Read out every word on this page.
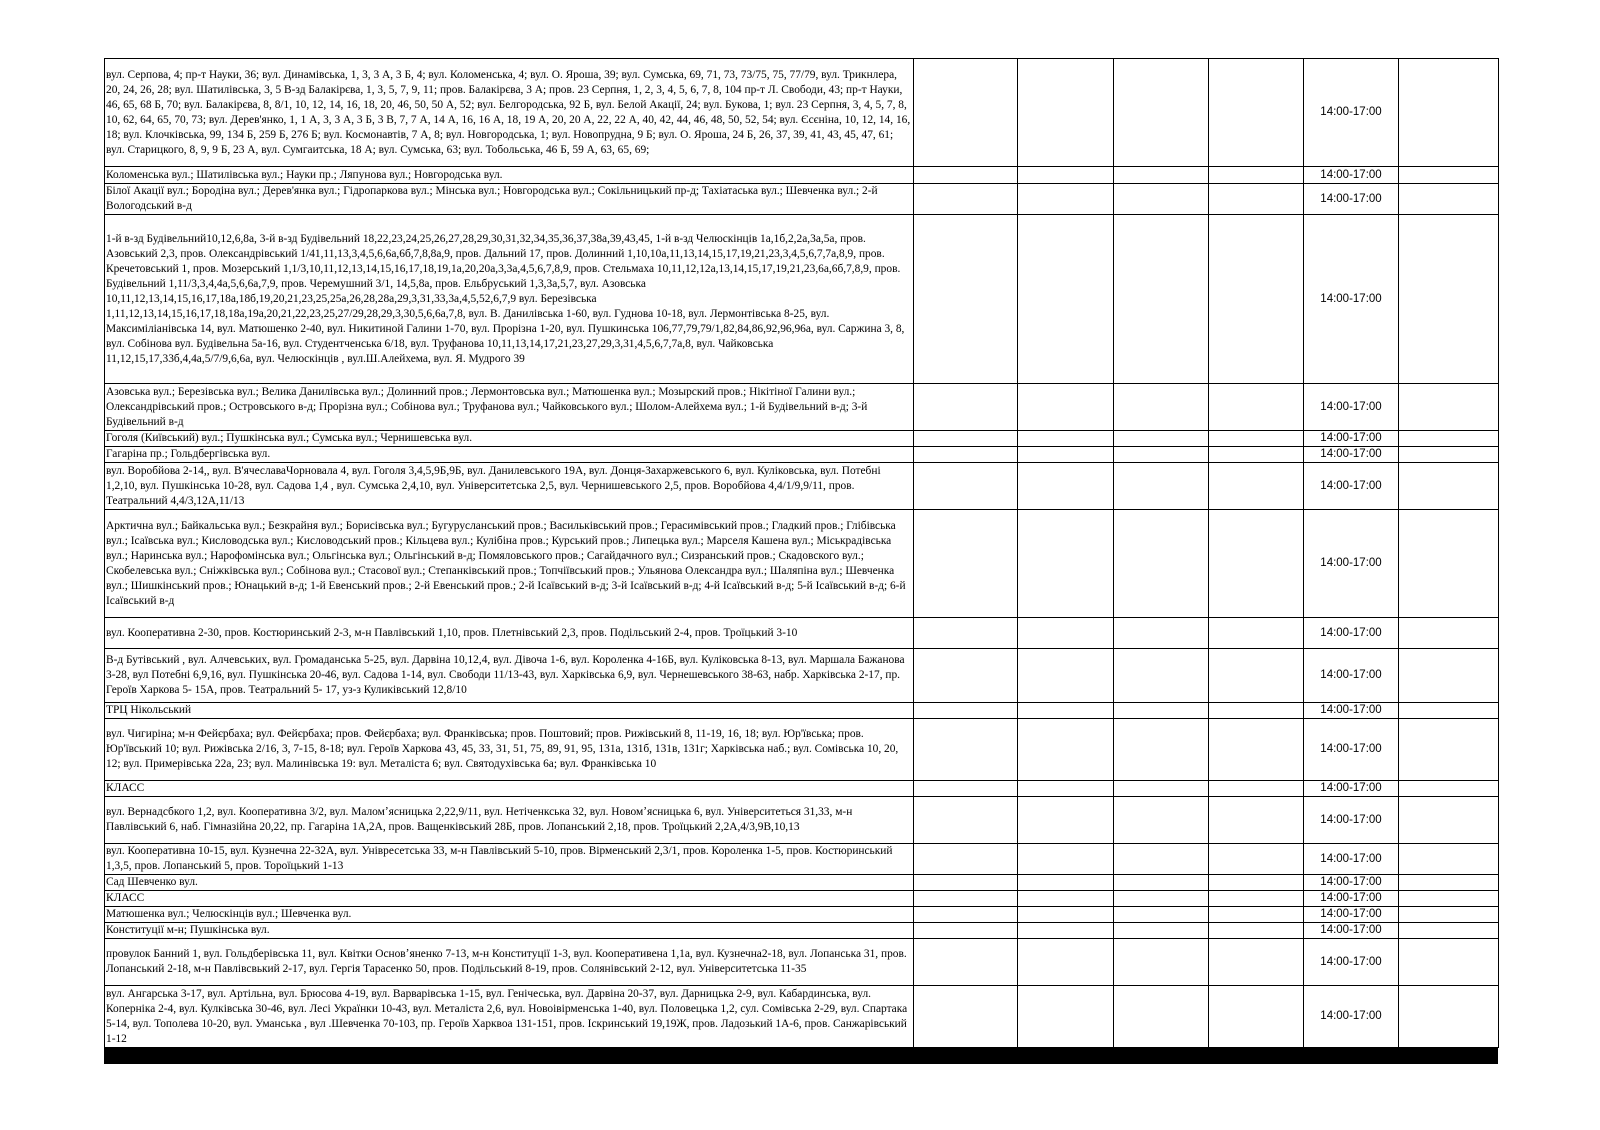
вул. Серпова, 4; пр-т Науки, 36; вул. Динамівська, 1, 3, 3 А, 3 Б, 4; вул. Коломенська, 4; вул. О. Яроша, 39; вул. Сумська, 69, 71, 73, 73/75, 75, 77/79, вул. Трикнлера, 20, 24, 26, 28; вул. Шатилівська, 3, 5 В-зд Балакірєва, 1, 3, 5, 7, 9, 11; пров. Балакірєва, 3 А; пров. 23 Серпня, 1, 2, 3, 4, 5, 6, 7, 8, 104 пр-т Л. Свободи, 43; пр-т Науки, 46, 65, 68 Б, 70; вул. Балакірєва, 8, 8/1, 10, 12, 14, 16, 18, 20, 46, 50, 50 А, 52; вул. Белгородська, 92 Б, вул. Белой Акації, 24; вул. Букова, 1; вул. 23 Серпня, 3, 4, 5, 7, 8, 10, 62, 64, 65, 70, 73; вул. Дерев'янко, 1, 1 А, 3, 3 А, 3 Б, 3 В, 7, 7 А, 14 А, 16, 16 А, 18, 19 А, 20, 20 А, 22, 22 А, 40, 42, 44, 46, 48, 50, 52, 54; вул. Єсєніна, 10, 12, 14, 16, 18; вул. Клочківська, 99, 134 Б, 259 Б, 276 Б; вул. Космонавтів, 7 А, 8; вул. Новгородська, 1; вул. Новопрудна, 9 Б; вул. О. Яроша, 24 Б, 26, 37, 39, 41, 43, 45, 47, 61; вул. Старицкого, 8, 9, 9 Б, 23 А, вул. Сумгаитська, 18 А; вул. Сумська, 63; вул. Тобольська, 46 Б, 59 А, 63, 65, 69;					14:00-17:00	
Коломенська вул.; Шатилівська вул.; Науки пр.; Ляпунова вул.; Новгородська вул.					14:00-17:00	
Білої Акації вул.; Бородіна вул.; Дерев'янка вул.; Гідропаркова вул.; Мінська вул.; Новгородська вул.; Сокільницький пр-д; Тахіатаська вул.; Шевченка вул.; 2-й Вологодський в-д					14:00-17:00	
1-й в-зд Будівельний10,12,6,8а, 3-й в-зд Будівельний 18,22,23,24,25,26,27,28,29,30,31,32,34,35,36,37,38а,39,43,45, 1-й в-зд Челюскінців 1а,1б,2,2а,3а,5а, пров. Азовський 2,3, пров. Олександрівський 1/41,11,13,3,4,5,6,6а,6б,7,8,8а,9, пров. Дальний 17, пров. Долинний 1,10,10а,11,13,14,15,17,19,21,23,3,4,5,6,7,7а,8,9, пров. Кречетовський 1, пров. Мозерський 1,1/3,10,11,12,13,14,15,16,17,18,19,1а,20,20а,3,3а,4,5,6,7,8,9, пров. Стельмаха 10,11,12,12а,13,14,15,17,19,21,23,6а,6б,7,8,9, пров. Будівельний 1,11/3,3,4,4а,5,6,6а,7,9, пров. Черемушний 3/1, 14,5,8а, пров. Ельбруський 1,3,3а,5,7, вул. Азовська 10,11,12,13,14,15,16,17,18а,18б,19,20,21,23,25,25а,26,28,28а,29,3,31,33,3а,4,5,52,6,7,9 вул. Березівська 1,11,12,13,14,15,16,17,18,18а,19а,20,21,22,23,25,27/29,28,29,3,30,5,6,6а,7,8, вул. В. Данилівська 1-60, вул. Гуднова 10-18, вул. Лермонтівська 8-25, вул. Максиміліанівська 14, вул. Матюшенко 2-40, вул. Никитиной Галини 1-70, вул. Прорізна 1-20, вул. Пушкинська 106,77,79,79/1,82,84,86,92,96,96а, вул. Саржина 3, 8, вул. Собінова вул. Будівельна 5а-16, вул. Студентченська 6/18, вул. Труфанова 10,11,13,14,17,21,23,27,29,3,31,4,5,6,7,7а,8, вул. Чайковська 11,12,15,17,33б,4,4а,5/7/9,6,6а, вул. Челюскінців , вул.Ш.Алейхема, вул. Я. Мудрого 39					14:00-17:00	
Азовська вул.; Березівська вул.; Велика Данилівська вул.; Долинний пров.; Лермонтовська вул.; Матюшенка вул.; Мозырский пров.; Нікітіної Галини вул.; Олександрівський пров.; Островського в-д; Прорізна вул.; Собінова вул.; Труфанова вул.; Чайковського вул.; Шолом-Алейхема вул.; 1-й Будівельний в-д; 3-й Будівельний в-д					14:00-17:00	
Гоголя (Київський) вул.; Пушкінська вул.; Сумська вул.; Чернишевська вул.					14:00-17:00	
Гагаріна пр.; Гольдбергівська вул.					14:00-17:00	
вул. Воробйова 2-14,, вул. В'ячеславаЧорновала 4, вул. Гоголя 3,4,5,9Б,9Б, вул. Данилевського 19А, вул. Донця-Захаржевського 6, вул. Куліковська, вул. Потебні 1,2,10, вул. Пушкінська 10-28, вул. Садова 1,4 , вул. Сумська 2,4,10, вул. Університетська 2,5, вул. Чернишевського 2,5, пров. Воробйова 4,4/1/9,9/11, пров. Театральний 4,4/3,12А,11/13					14:00-17:00	
Арктична вул.; Байкальська вул.; Безкрайня вул.; Борисівська вул.; Бугурусланський пров.; Васильківський пров.; Герасимівський пров.; Гладкий пров.; Глібівська вул.; Ісаївська вул.; Кисловодська вул.; Кисловодський пров.; Кільцева вул.; Кулібіна пров.; Курський пров.; Липецька вул.; Марселя Кашена вул.; Міськрадівська вул.; Наринська вул.; Нарофомінська вул.; Ольгінська вул.; Ольгінський в-д; Помяловського пров.; Сагайдачного вул.; Сизранський пров.; Скадовского вул.; Скобелевська вул.; Сніжківська вул.; Собінова вул.; Стасової вул.; Степанківський пров.; Топчіївський пров.; Ульянова Олександра вул.; Шаляпіна вул.; Шевченка вул.; Шишкінський пров.; Юнацький в-д; 1-й Евенський пров.; 2-й Евенський пров.; 2-й Ісаївський в-д; 3-й Ісаївський в-д; 4-й Ісаївський в-д; 5-й Ісаївський в-д; 6-й Ісаївський в-д					14:00-17:00	
вул. Кооперативна 2-30, пров. Костюринський 2-3, м-н Павлівський 1,10, пров. Плетнівський 2,3, пров. Подільський 2-4, пров. Троїцький 3-10					14:00-17:00	
В-д Бутівський , вул. Алчевських, вул. Громаданська 5-25, вул. Дарвіна 10,12,4, вул. Дівоча 1-6, вул. Короленка 4-16Б, вул. Куліковська 8-13, вул. Маршала Бажанова 3-28, вул Потебні 6,9,16, вул. Пушкінська 20-46, вул. Садова 1-14, вул. Свободи 11/13-43, вул. Харківська 6,9, вул. Чернешевського 38-63, набр. Харківська 2-17, пр. Героїв Харкова 5- 15А, пров. Театральний 5- 17, уз-з Куликівський 12,8/10					14:00-17:00	
ТРЦ Нікольський					14:00-17:00	
вул. Чигиріна; м-н Фейєрбаха; вул. Фейєрбаха; пров. Фейєрбаха; вул. Франківська; пров. Поштовий; пров. Рижівський 8, 11-19, 16, 18; вул. Юр'ївська; пров. Юр'ївський 10; вул. Рижівська 2/16, 3, 7-15, 8-18; вул. Героїв Харкова 43, 45, 33, 31, 51, 75, 89, 91, 95, 131а, 131б, 131в, 131г; Харківська наб.; вул. Сомівська 10, 20, 12; вул. Примерівська 22а, 23; вул. Малинівська 19: вул. Металіста 6; вул. Святодухівська 6а; вул. Франківська 10					14:00-17:00	
КЛАСС					14:00-17:00	
вул. Вернадсбкого 1,2, вул. Кооперативна 3/2, вул. Маломʼясницька 2,22,9/11, вул. Нетіченкська 32, вул. Новомʼясницька 6, вул. Університеться 31,33, м-н Павлівський 6, наб. Гімназійна 20,22, пр. Гагаріна 1А,2А, пров. Ващенківський 28Б, пров. Лопанський 2,18, пров. Троїцький 2,2А,4/3,9В,10,13					14:00-17:00	
вул. Кооперативна 10-15, вул. Кузнечна 22-32А, вул. Унівресетська 33, м-н Павлівський 5-10, пров. Вірменський 2,3/1, пров. Короленка 1-5, пров. Костюринський 1,3,5, пров. Лопанський 5, пров. Тороїцький 1-13					14:00-17:00	
Сад Шевченко вул.					14:00-17:00	
КЛАСС					14:00-17:00	
Матюшенка вул.; Челюскінців вул.; Шевченка вул.					14:00-17:00	
Конституції м-н; Пушкінська вул.					14:00-17:00	
провулок Банний 1, вул. Гольдберівська 11, вул. Квітки Основʼяненко 7-13, м-н Конституції 1-3, вул. Кооперативена 1,1а, вул. Кузнечна2-18, вул. Лопанська 31, пров. Лопанський 2-18, м-н Павлівсвький 2-17, вул. Гергія Тарасенко 50, пров. Подільський 8-19, пров. Солянівський 2-12, вул. Університетська 11-35					14:00-17:00	
вул. Ангарська 3-17, вул. Артільна, вул. Брюсова 4-19, вул. Варварівська 1-15, вул. Генічеська, вул. Дарвіна 20-37, вул. Дарницька 2-9, вул. Кабардинська, вул. Коперніка 2-4, вул. Кулківська 30-46, вул. Лесі Українки 10-43, вул. Металіста 2,6, вул. Новоівірменська 1-40, вул. Половецька 1,2, сул. Сомівська 2-29, вул. Спартака 5-14, вул. Тополева 10-20, вул. Уманська , вул .Шевченка 70-103, пр. Героїв Харквоа 131-151, пров. Іскринський 19,19Ж, пров. Ладозький 1А-6, пров. Санжарівський 1-12					14:00-17:00	
